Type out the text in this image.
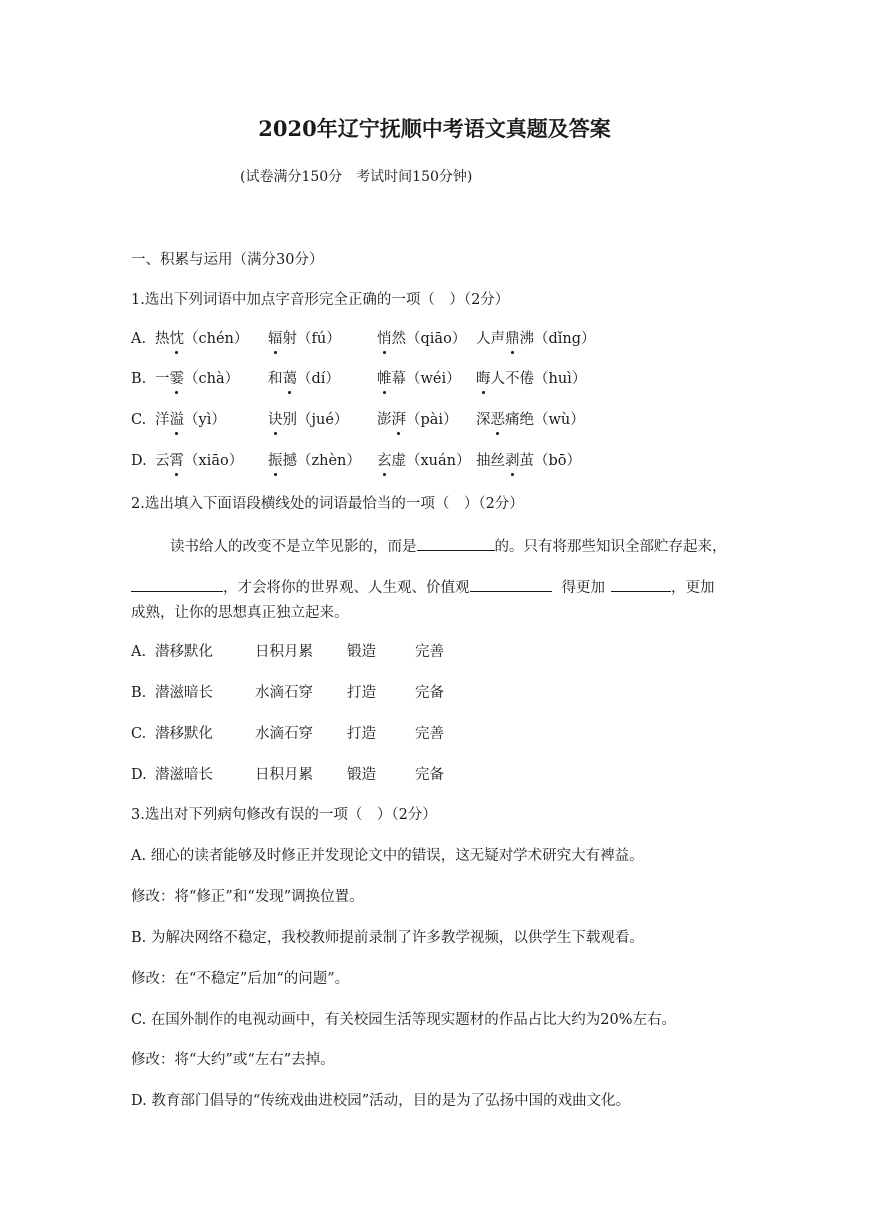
2020年辽宁抚顺中考语文真题及答案
(试卷满分150分　考试时间150分钟)
一、积累与运用（满分30分）
1.选出下列词语中加点字音形完全正确的一项（　）（2分）
A. 热忱（chén） 辐射（fú）	悄然（qiāo） 人声鼎沸（dǐng）
B. 一霎（chà） 和蔼（dí）	帷幕（wéi） 晦人不倦（huì）
C. 洋溢（yì）	诀别（jué） 澎湃（pài） 深恶痛绝（wù）
D. 云霄（xiāo） 振撼（zhèn） 玄虚（xuán） 抽丝剥茧（bō）
2.选出填入下面语段横线处的词语最恰当的一项（　）（2分）
读书给人的改变不是立竿见影的，而是	的。只有将那些知识全部贮存起来，
，才会将你的世界观、人生观、价值观	得更加	，更加
成熟，让你的思想真正独立起来。
A. 潜移默化	日积月累 锻造	完善
B. 潜滋暗长	水滴石穿 打造	完备
C. 潜移默化	水滴石穿 打造	完善
D. 潜滋暗长	日积月累 锻造	完备
3.选出对下列病句修改有误的一项（　）（2分）
A. 细心的读者能够及时修正并发现论文中的错误，这无疑对学术研究大有裨益。
修改：将“修正”和“发现”调换位置。
B. 为解决网络不稳定，我校教师提前录制了许多教学视频，以供学生下载观看。
修改：在“不稳定”后加“的问题”。
C. 在国外制作的电视动画中，有关校园生活等现实题材的作品占比大约为20%左右。
修改：将“大约”或“左右”去掉。
D. 教育部门倡导的“传统戏曲进校园”活动，目的是为了弘扬中国的戏曲文化。
